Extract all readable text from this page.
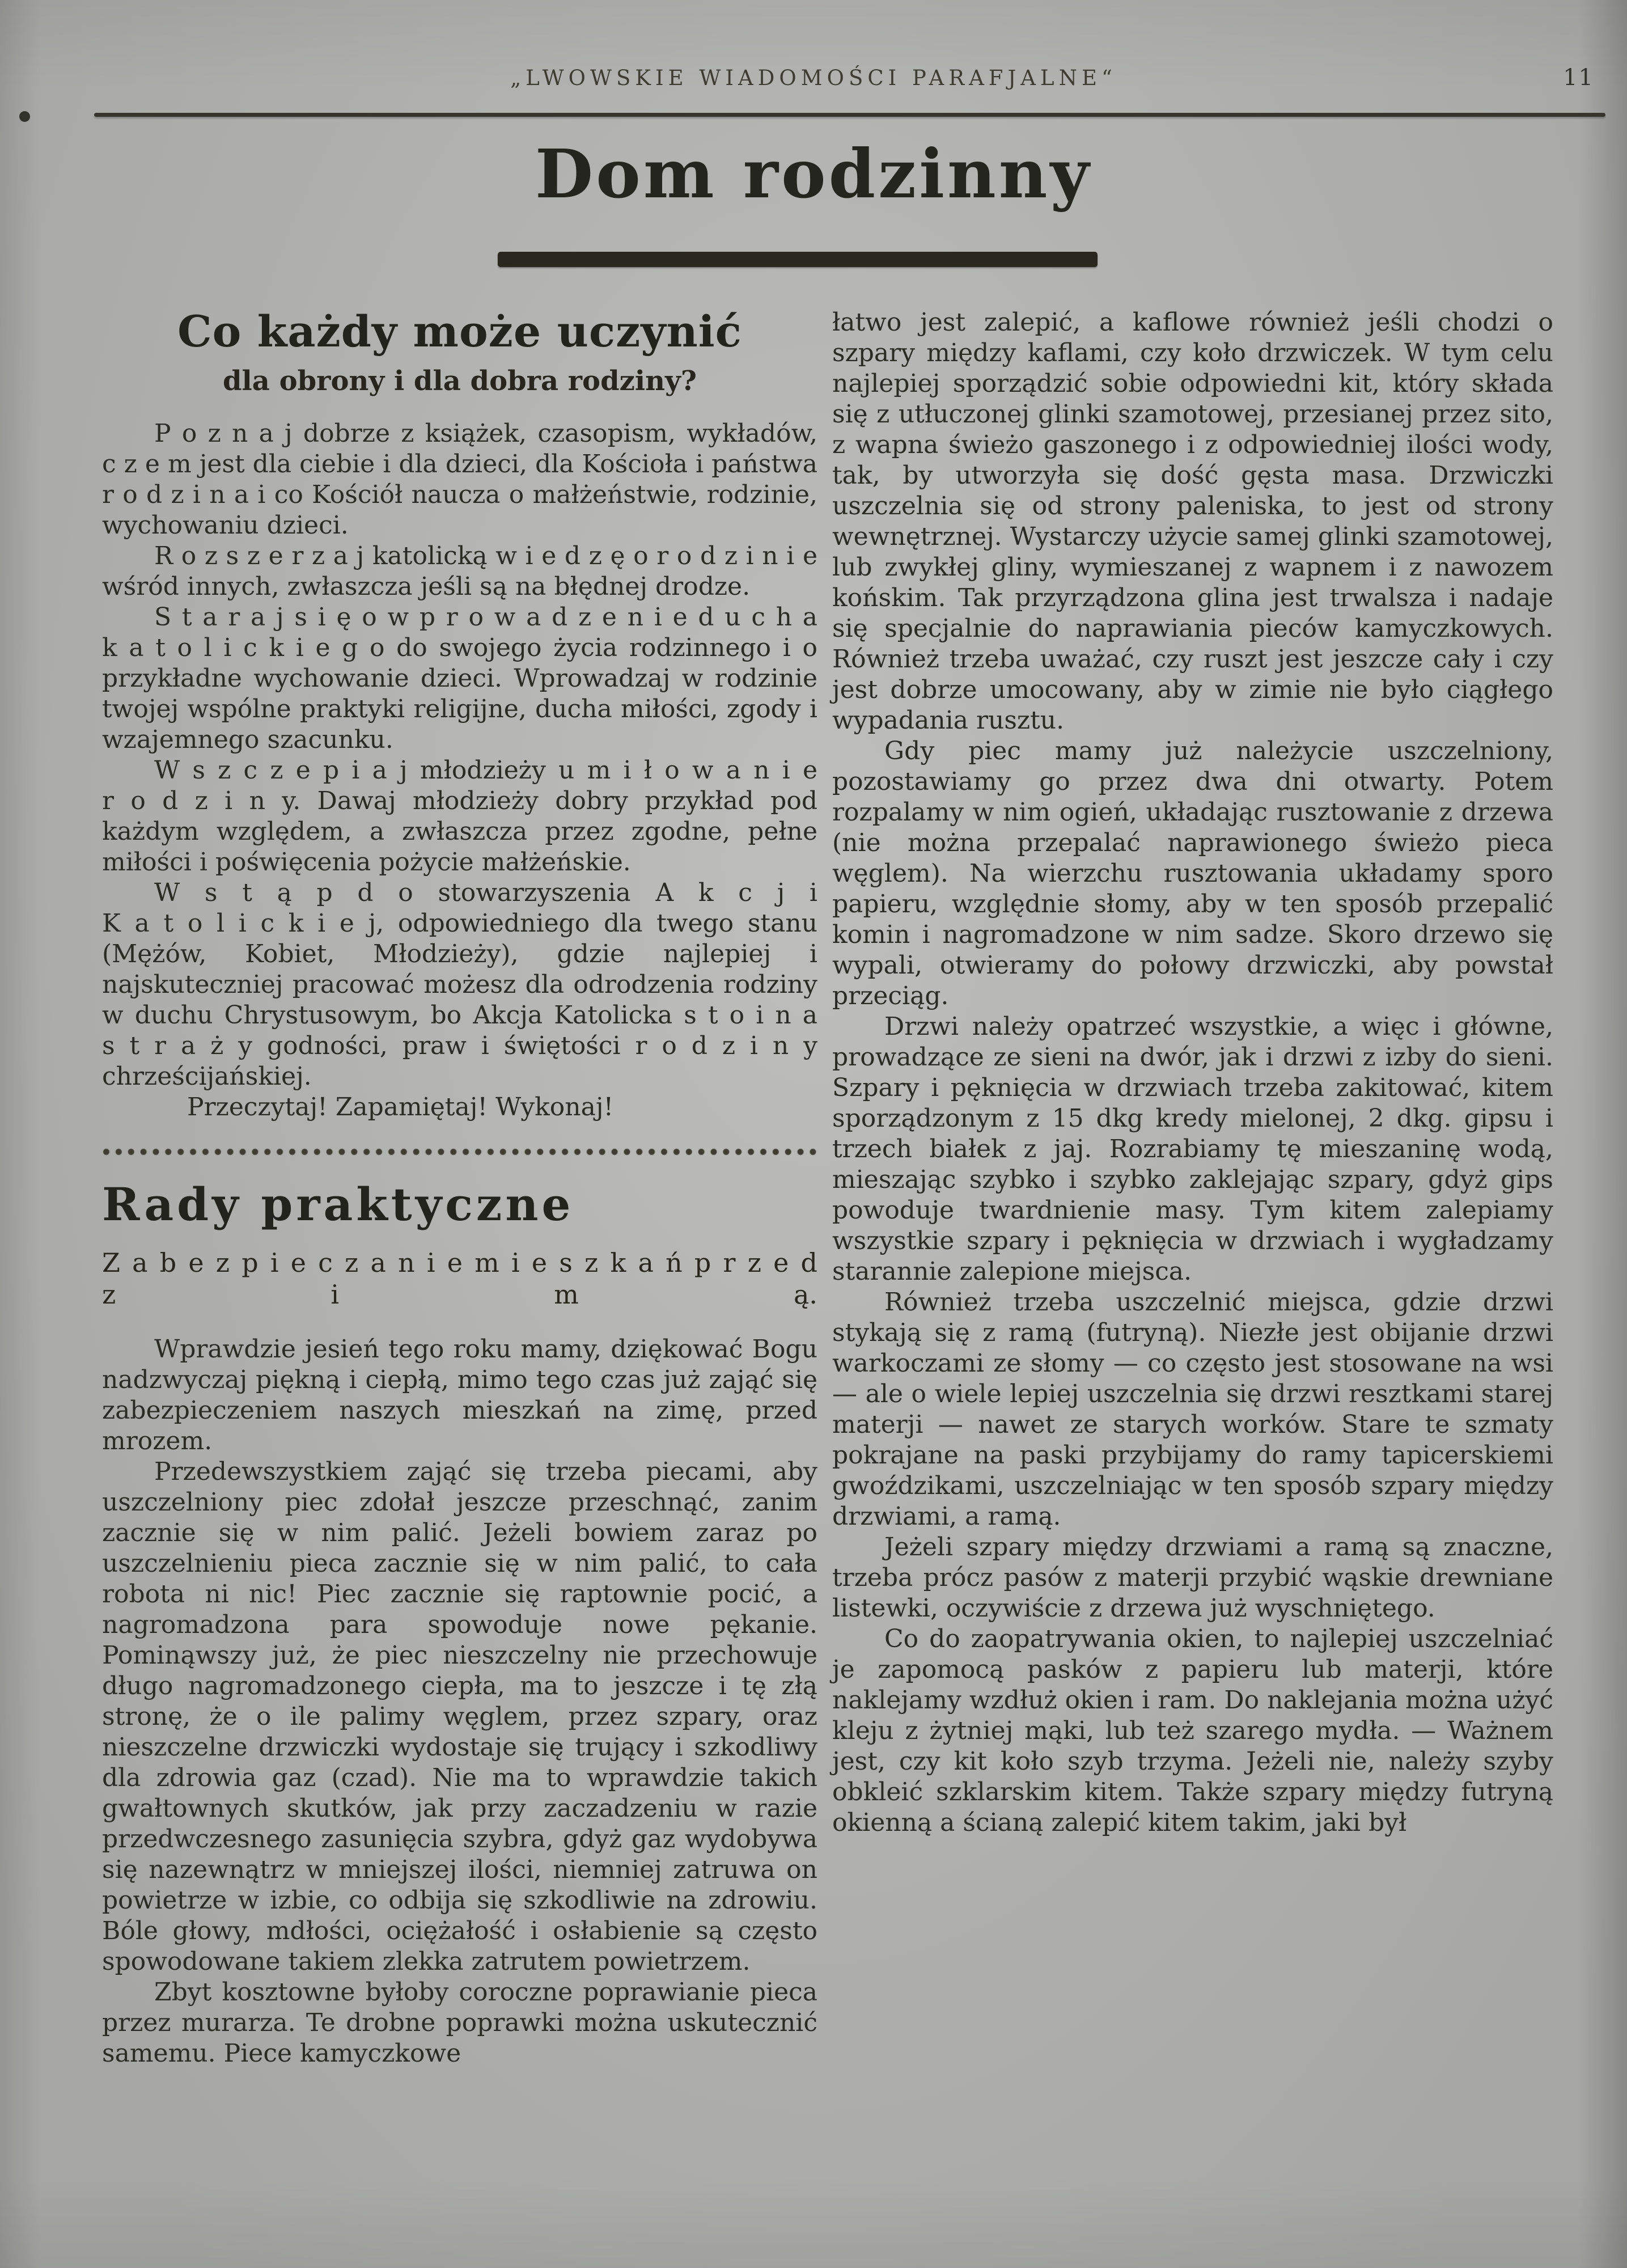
„LWOWSKIE WIADOMOŚCI PARAFJALNE“	11
Dom rodzinny
Co każdy może uczynić
dla obrony i dla dobra rodziny?

P o z n a j dobrze z książek, czasopism, wykładów, c z e m jest dla ciebie i dla dzieci, dla Kościoła i państwa r o d z i n a i co Kościół naucza o małżeństwie, rodzinie, wychowaniu dzieci.

R o z s z e r z a j katolicką w i e d z ę o r o d z i n i e wśród innych, zwłaszcza jeśli są na błędnej drodze.

S t a r a j s i ę o w p r o w a d z e n i e d u c h a k a t o l i c k i e g o do swojego życia rodzinnego i o przykładne wychowanie dzieci. Wprowadzaj w rodzinie twojej wspólne praktyki religijne, ducha miłości, zgody i wzajemnego szacunku.

W s z c z e p i a j młodzieży u m i ł o w a n i e r o d z i n y. Dawaj młodzieży dobry przykład pod każdym względem, a zwłaszcza przez zgodne, pełne miłości i poświęcenia pożycie małżeńskie.

W s t ą p d o stowarzyszenia A k c j i K a t o l i c k i e j, odpowiedniego dla twego stanu (Mężów, Kobiet, Młodzieży), gdzie najlepiej i najskuteczniej pracować możesz dla odrodzenia rodziny w duchu Chrystusowym, bo Akcja Katolicka s t o i n a s t r a ż y godności, praw i świętości r o d z i n y chrześcijańskiej.

Przeczytaj! Zapamiętaj! Wykonaj!

Rady praktyczne
Z a b e z p i e c z a n i e m i e s z k a ń p r z e d z i m ą.

Wprawdzie jesień tego roku mamy, dziękować Bogu nadzwyczaj piękną i ciepłą, mimo tego czas już zająć się zabezpieczeniem naszych mieszkań na zimę, przed mrozem.

Przedewszystkiem zająć się trzeba piecami, aby uszczelniony piec zdołał jeszcze przeschnąć, zanim zacznie się w nim palić. Jeżeli bowiem zaraz po uszczelnieniu pieca zacznie się w nim palić, to cała robota ni nic! Piec zacznie się raptownie pocić, a nagromadzona para spowoduje nowe pękanie. Pominąwszy już, że piec nieszczelny nie przechowuje długo nagromadzonego ciepła, ma to jeszcze i tę złą stronę, że o ile palimy węglem, przez szpary, oraz nieszczelne drzwiczki wydostaje się trujący i szkodliwy dla zdrowia gaz (czad). Nie ma to wprawdzie takich gwałtownych skutków, jak przy zaczadzeniu w razie przedwczesnego zasunięcia szybra, gdyż gaz wydobywa się nazewnątrz w mniejszej ilości, niemniej zatruwa on powietrze w izbie, co odbija się szkodliwie na zdrowiu. Bóle głowy, mdłości, ociężałość i osłabienie są często spowodowane takiem zlekka zatrutem powietrzem.

Zbyt kosztowne byłoby coroczne poprawianie pieca przez murarza. Te drobne poprawki można uskutecznić samemu. Piece kamyczkowe

łatwo jest zalepić, a kaflowe również jeśli chodzi o szpary między kaflami, czy koło drzwiczek. W tym celu najlepiej sporządzić sobie odpowiedni kit, który składa się z utłuczonej glinki szamotowej, przesianej przez sito, z wapna świeżo gaszonego i z odpowiedniej ilości wody, tak, by utworzyła się dość gęsta masa. Drzwiczki uszczelnia się od strony paleniska, to jest od strony wewnętrznej. Wystarczy użycie samej glinki szamotowej, lub zwykłej gliny, wymieszanej z wapnem i z nawozem końskim. Tak przyrządzona glina jest trwalsza i nadaje się specjalnie do naprawiania pieców kamyczkowych. Również trzeba uważać, czy ruszt jest jeszcze cały i czy jest dobrze umocowany, aby w zimie nie było ciągłego wypadania rusztu.

Gdy piec mamy już należycie uszczelniony, pozostawiamy go przez dwa dni otwarty. Potem rozpalamy w nim ogień, układając rusztowanie z drzewa (nie można przepalać naprawionego świeżo pieca węglem). Na wierzchu rusztowania układamy sporo papieru, względnie słomy, aby w ten sposób przepalić komin i nagromadzone w nim sadze. Skoro drzewo się wypali, otwieramy do połowy drzwiczki, aby powstał przeciąg.

Drzwi należy opatrzeć wszystkie, a więc i główne, prowadzące ze sieni na dwór, jak i drzwi z izby do sieni. Szpary i pęknięcia w drzwiach trzeba zakitować, kitem sporządzonym z 15 dkg kredy mielonej, 2 dkg. gipsu i trzech białek z jaj. Rozrabiamy tę mieszaninę wodą, mieszając szybko i szybko zaklejając szpary, gdyż gips powoduje twardnienie masy. Tym kitem zalepiamy wszystkie szpary i pęknięcia w drzwiach i wygładzamy starannie zalepione miejsca.

Również trzeba uszczelnić miejsca, gdzie drzwi stykają się z ramą (futryną). Niezłe jest obijanie drzwi warkoczami ze słomy — co często jest stosowane na wsi — ale o wiele lepiej uszczelnia się drzwi resztkami starej materji — nawet ze starych worków. Stare te szmaty pokrajane na paski przybijamy do ramy tapicerskiemi gwoździkami, uszczelniając w ten sposób szpary między drzwiami, a ramą.

Jeżeli szpary między drzwiami a ramą są znaczne, trzeba prócz pasów z materji przybić wąskie drewniane listewki, oczywiście z drzewa już wyschniętego.

Co do zaopatrywania okien, to najlepiej uszczelniać je zapomocą pasków z papieru lub materji, które naklejamy wzdłuż okien i ram. Do naklejania można użyć kleju z żytniej mąki, lub też szarego mydła. — Ważnem jest, czy kit koło szyb trzyma. Jeżeli nie, należy szyby obkleić szklarskim kitem. Także szpary między futryną okienną a ścianą zalepić kitem takim, jaki był
